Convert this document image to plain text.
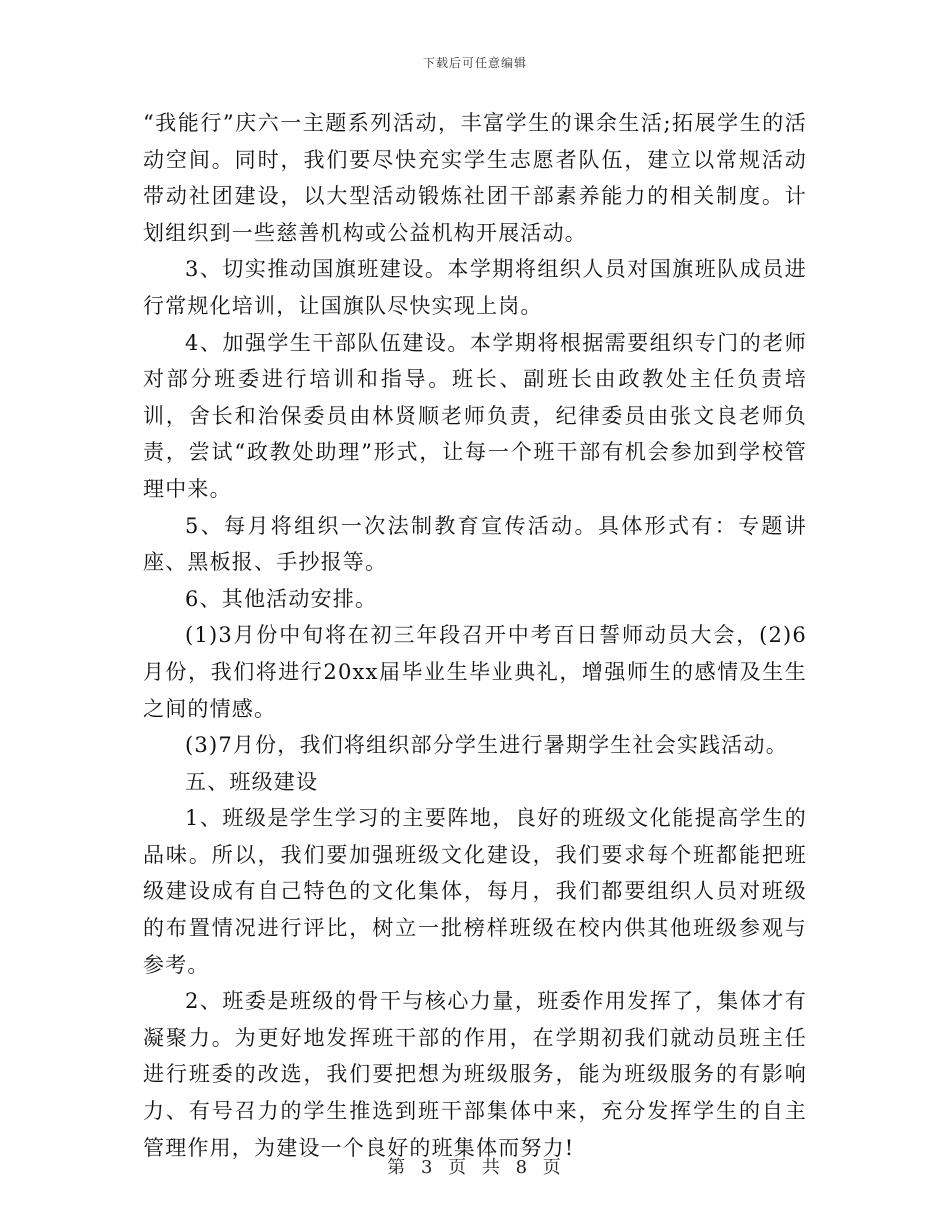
下载后可任意编辑

“我能行”庆六一主题系列活动，丰富学生的课余生活;拓展学生的活动空间。同时，我们要尽快充实学生志愿者队伍，建立以常规活动带动社团建设，以大型活动锻炼社团干部素养能力的相关制度。计划组织到一些慈善机构或公益机构开展活动。

3、切实推动国旗班建设。本学期将组织人员对国旗班队成员进行常规化培训，让国旗队尽快实现上岗。

4、加强学生干部队伍建设。本学期将根据需要组织专门的老师对部分班委进行培训和指导。班长、副班长由政教处主任负责培训，舍长和治保委员由林贤顺老师负责，纪律委员由张文良老师负责，尝试“政教处助理”形式，让每一个班干部有机会参加到学校管理中来。

5、每月将组织一次法制教育宣传活动。具体形式有：专题讲座、黑板报、手抄报等。

6、其他活动安排。

(1)3月份中旬将在初三年段召开中考百日誓师动员大会，(2)6月份，我们将进行20xx届毕业生毕业典礼，增强师生的感情及生生之间的情感。

(3)7月份，我们将组织部分学生进行暑期学生社会实践活动。

五、班级建设

1、班级是学生学习的主要阵地，良好的班级文化能提高学生的品味。所以，我们要加强班级文化建设，我们要求每个班都能把班级建设成有自己特色的文化集体，每月，我们都要组织人员对班级的布置情况进行评比，树立一批榜样班级在校内供其他班级参观与参考。

2、班委是班级的骨干与核心力量，班委作用发挥了，集体才有凝聚力。为更好地发挥班干部的作用，在学期初我们就动员班主任进行班委的改选，我们要把想为班级服务，能为班级服务的有影响力、有号召力的学生推选到班干部集体中来，充分发挥学生的自主管理作用，为建设一个良好的班集体而努力!

第 3 页 共 8 页
